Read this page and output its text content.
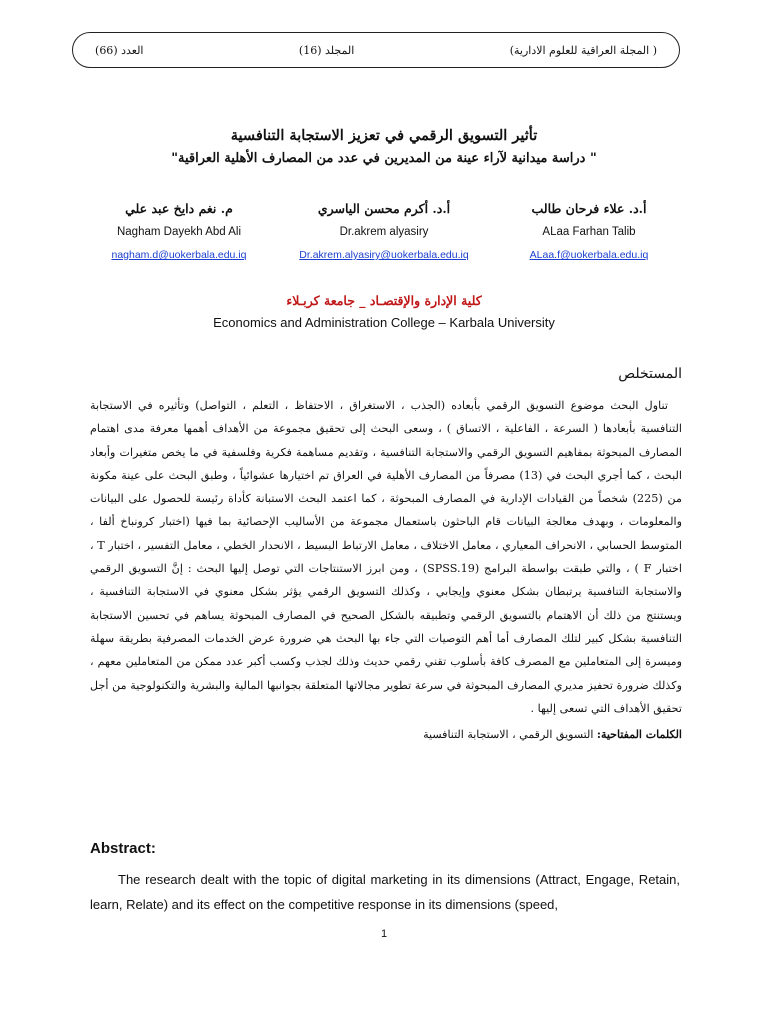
( المجلة العراقية للعلوم الادارية)
المجلد (16)
العدد (66)

تأثير التسويق الرقمي في تعزيز الاستجابة التنافسية

" دراسة ميدانية لآراء عينة من المديرين في عدد من المصارف الأهلية العراقية"

أ.د. علاء فرحان طالب
ALaa Farhan Talib
ALaa.f@uokerbala.edu.iq
أ.د. أكرم محسن الياسري
Dr.akrem alyasiry
Dr.akrem.alyasiry@uokerbala.edu.iq
م. نغم دايخ عبد علي
Nagham Dayekh Abd Ali
nagham.d@uokerbala.edu.iq
كلية الإدارة والإقتصـاد _ جامعة كربـلاء
Economics and Administration College – Karbala University
المستخلص

تناول البحث موضوع التسويق الرقمي بأبعاده (الجذب ، الاستغراق ، الاحتفاظ ، التعلم ، التواصل) وتأثيره في الاستجابة التنافسية بأبعادها ( السرعة ، الفاعلية ، الاتساق ) ، وسعى البحث إلى تحقيق مجموعة من الأهداف أهمها معرفة مدى اهتمام المصارف المبحوثة بمفاهيم التسويق الرقمي والاستجابة التنافسية ، وتقديم مساهمة فكرية وفلسفية في ما يخص متغيرات وأبعاد البحث ، كما أجري البحث في (13) مصرفاً من المصارف الأهلية في العراق تم اختيارها عشوائياً ، وطبق البحث على عينة مكونة من (225) شخصاً من القيادات الإدارية في المصارف المبحوثة ، كما اعتمد البحث الاستبانة كأداة رئيسة للحصول على البيانات والمعلومات ، وبهدف معالجة البيانات قام الباحثون باستعمال مجموعة من الأساليب الإحصائية بما فيها (اختبار كرونباخ ألفا ، المتوسط الحسابي ، الانحراف المعياري ، معامل الاختلاف ، معامل الارتباط البسيط ، الانحدار الخطي ، معامل التفسير ، اختبار T ، اختبار F ) ، والتي طبقت بواسطة البرامج (SPSS.19) ، ومن ابرز الاستنتاجات التي توصل إليها البحث : إنَّ التسويق الرقمي والاستجابة التنافسية يرتبطان بشكل معنوي وإيجابي ، وكذلك التسويق الرقمي يؤثر بشكل معنوي في الاستجابة التنافسية ، ويستنتج من ذلك أن الاهتمام بالتسويق الرقمي وتطبيقه بالشكل الصحيح في المصارف المبحوثة يساهم في تحسين الاستجابة التنافسية بشكل كبير لتلك المصارف أما أهم التوصيات التي جاء بها البحث هي ضرورة عرض الخدمات المصرفية بطريقة سهلة وميسرة إلى المتعاملين مع المصرف كافة بأسلوب تقني رقمي حديث وذلك لجذب وكسب أكبر عدد ممكن من المتعاملين معهم ، وكذلك ضرورة تحفيز مديري المصارف المبحوثة في سرعة تطوير مجالاتها المتعلقة بجوانبها المالية والبشرية والتكنولوجية من أجل تحقيق الأهداف التي تسعى إليها .

الكلمات المفتاحية: التسويق الرقمي ، الاستجابة التنافسية
Abstract:

The research dealt with the topic of digital marketing in its dimensions (Attract, Engage, Retain, learn, Relate) and its effect on the competitive response in its dimensions (speed,

1
